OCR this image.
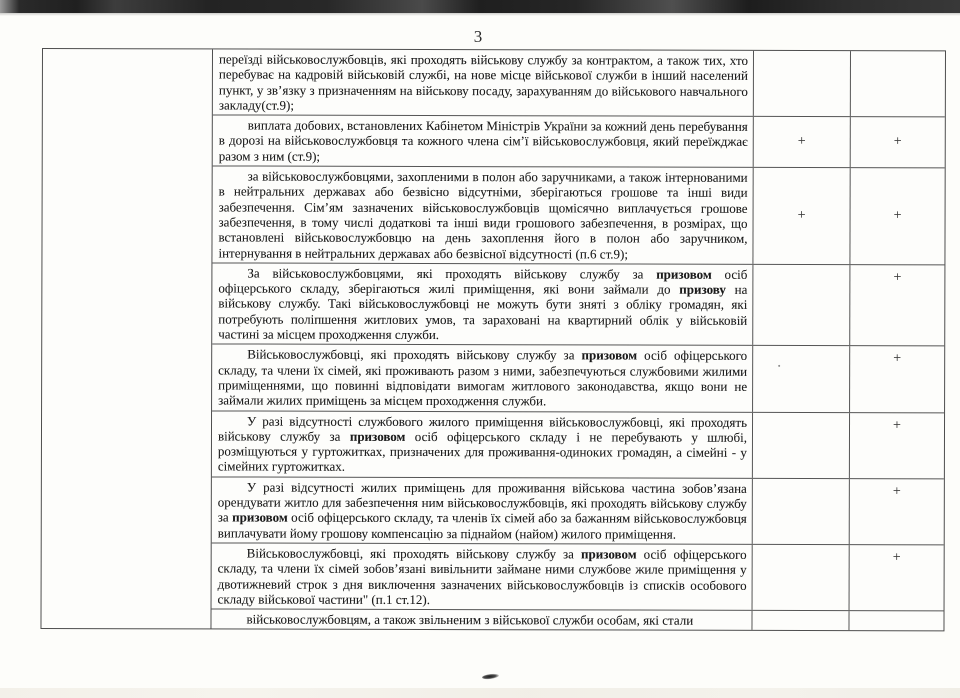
3
переїзді військовослужбовців, які проходять військову службу за контрактом, а також тих, хто перебуває на кадровій військовій службі, на нове місце військової служби в інший населений пункт, у зв’язку з призначенням на військову посаду, зарахуванням до військового навчального закладу(ст.9);
виплата добових, встановлених Кабінетом Міністрів України за кожний день перебування в дорозі на військовослужбовця та кожного члена сім’ї військовослужбовця, який переїжджає разом з ним (ст.9);
+	+
за військовослужбовцями, захопленими в полон або заручниками, а також інтернованими в нейтральних державах або безвісно відсутніми, зберігаються грошове та інші види забезпечення. Сім’ям зазначених військовослужбовців щомісячно виплачується грошове забезпечення, в тому числі додаткові та інші види грошового забезпечення, в розмірах, що встановлені військовослужбовцю на день захоплення його в полон або заручником, інтернування в нейтральних державах або безвісної відсутності (п.6 ст.9);
+	+
За військовослужбовцями, які проходять військову службу за призовом осіб офіцерського складу, зберігаються жилі приміщення, які вони займали до призову на військову службу. Такі військовослужбовці не можуть бути зняті з обліку громадян, які потребують поліпшення житлових умов, та зараховані на квартирний облік у військовій частині за місцем проходження служби.
+
Військовослужбовці, які проходять військову службу за призовом осіб офіцерського складу, та члени їх сімей, які проживають разом з ними, забезпечуються службовими жилими приміщеннями, що повинні відповідати вимогам житлового законодавства, якщо вони не займали жилих приміщень за місцем проходження служби.
+
У разі відсутності службового жилого приміщення військовослужбовці, які проходять військову службу за призовом осіб офіцерського складу і не перебувають у шлюбі, розміщуються у гуртожитках, призначених для проживання-одиноких громадян, а сімейні - у сімейних гуртожитках.
+
У разі відсутності жилих приміщень для проживання військова частина зобов’язана орендувати житло для забезпечення ним військовослужбовців, які проходять військову службу за призовом осіб офіцерського складу, та членів їх сімей або за бажанням військовослужбовця виплачувати йому грошову компенсацію за піднайом (найом) жилого приміщення.
+
Військовослужбовці, які проходять військову службу за призовом осіб офіцерського складу, та члени їх сімей зобов’язані вивільнити займане ними службове жиле приміщення у двотижневий строк з дня виключення зазначених військовослужбовців із списків особового складу військової частини" (п.1 ст.12).
+
військовослужбовцям, а також звільненим з військової служби особам, які стали
